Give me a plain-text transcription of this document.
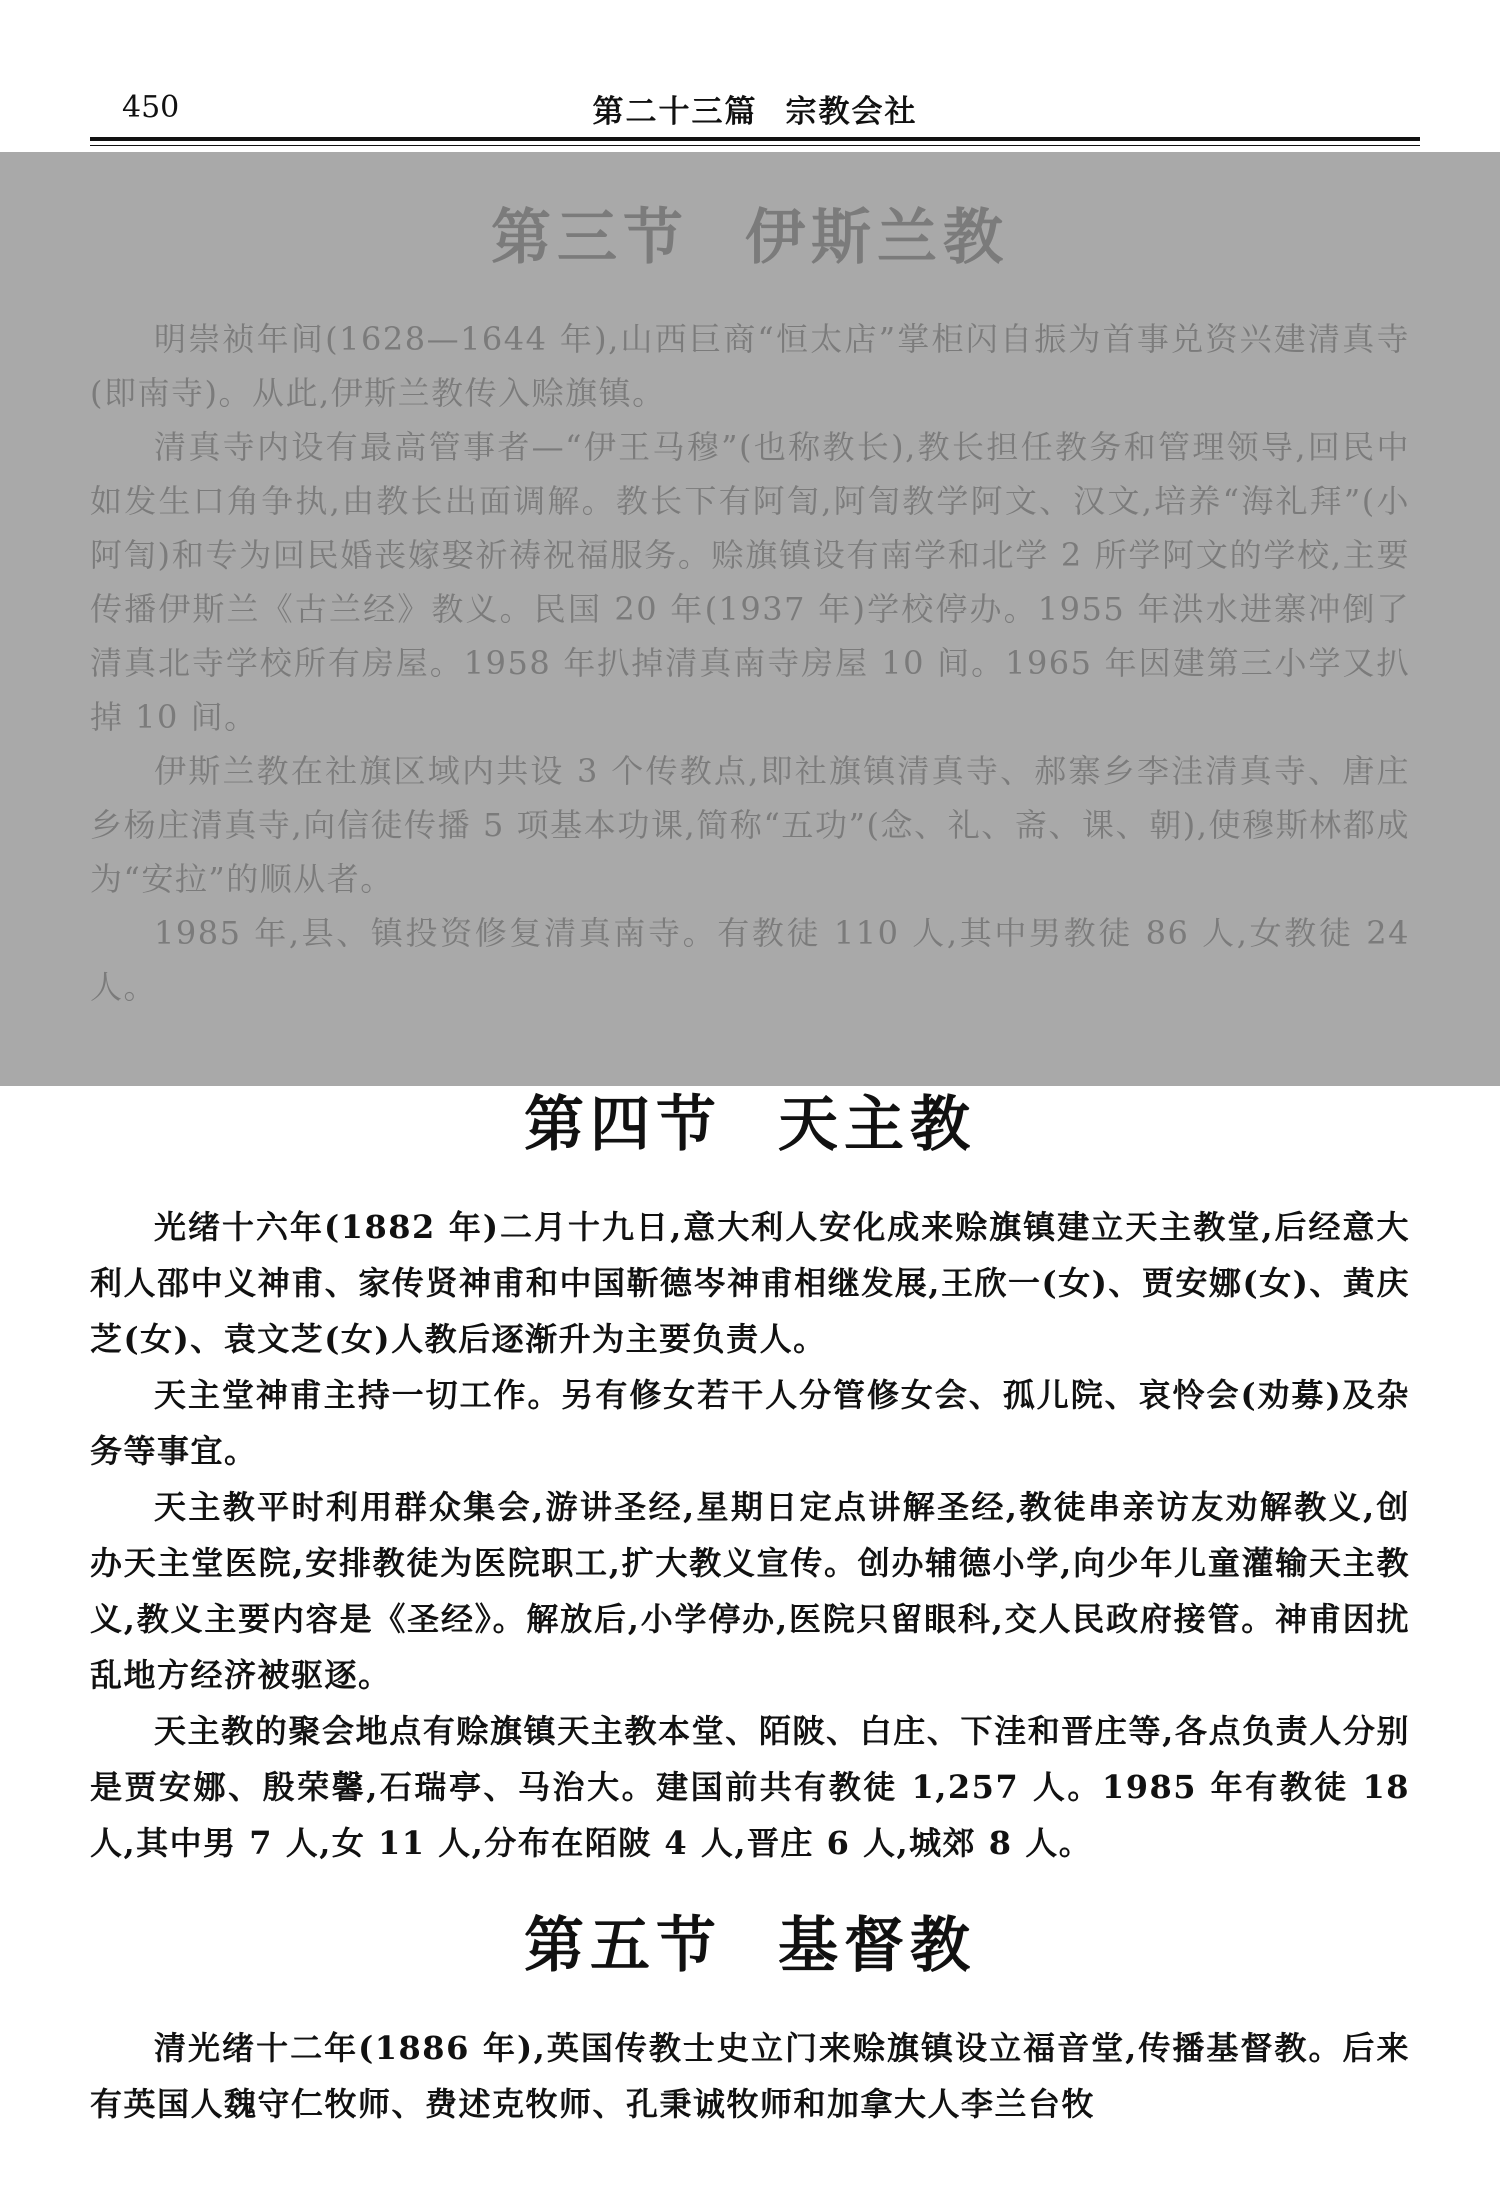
450	第二十三篇 宗教会社
第三节 伊斯兰教

明崇祯年间(1628—1644 年),山西巨商“恒太店”掌柜闪自振为首事兑资兴建清真寺(即南寺)。从此,伊斯兰教传入赊旗镇。

清真寺内设有最高管事者—“伊王马穆”(也称教长),教长担任教务和管理领导,回民中如发生口角争执,由教长出面调解。教长下有阿訇,阿訇教学阿文、汉文,培养“海礼拜”(小阿訇)和专为回民婚丧嫁娶祈祷祝福服务。赊旗镇设有南学和北学 2 所学阿文的学校,主要传播伊斯兰《古兰经》教义。民国 20 年(1937 年)学校停办。1955 年洪水进寨冲倒了清真北寺学校所有房屋。1958 年扒掉清真南寺房屋 10 间。1965 年因建第三小学又扒掉 10 间。

伊斯兰教在社旗区域内共设 3 个传教点,即社旗镇清真寺、郝寨乡李洼清真寺、唐庄乡杨庄清真寺,向信徒传播 5 项基本功课,简称“五功”(念、礼、斋、课、朝),使穆斯林都成为“安拉”的顺从者。

1985 年,县、镇投资修复清真南寺。有教徒 110 人,其中男教徒 86 人,女教徒 24 人。

第四节 天主教

光绪十六年(1882 年)二月十九日,意大利人安化成来赊旗镇建立天主教堂,后经意大利人邵中义神甫、家传贤神甫和中国靳德岑神甫相继发展,王欣一(女)、贾安娜(女)、黄庆芝(女)、袁文芝(女)人教后逐渐升为主要负责人。

天主堂神甫主持一切工作。另有修女若干人分管修女会、孤儿院、哀怜会(劝募)及杂务等事宜。

天主教平时利用群众集会,游讲圣经,星期日定点讲解圣经,教徒串亲访友劝解教义,创办天主堂医院,安排教徒为医院职工,扩大教义宣传。创办辅德小学,向少年儿童灌输天主教义,教义主要内容是《圣经》。解放后,小学停办,医院只留眼科,交人民政府接管。神甫因扰乱地方经济被驱逐。

天主教的聚会地点有赊旗镇天主教本堂、陌陂、白庄、下洼和晋庄等,各点负责人分别是贾安娜、殷荣馨,石瑞亭、马治大。建国前共有教徒 1,257 人。1985 年有教徒 18 人,其中男 7 人,女 11 人,分布在陌陂 4 人,晋庄 6 人,城郊 8 人。

第五节 基督教

清光绪十二年(1886 年),英国传教士史立门来赊旗镇设立福音堂,传播基督教。后来有英国人魏守仁牧师、费述克牧师、孔秉诚牧师和加拿大人李兰台牧
